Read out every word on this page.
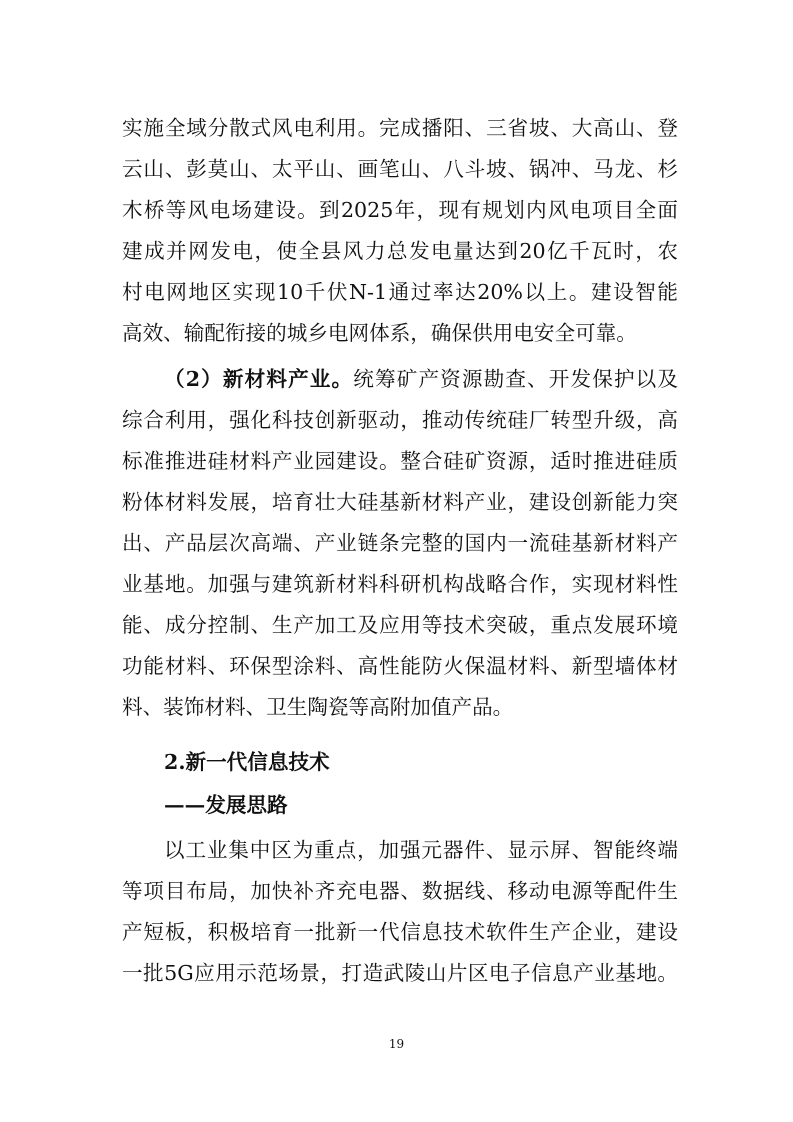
实施全域分散式风电利用。完成播阳、三省坡、大高山、登
云山、彭莫山、太平山、画笔山、八斗坡、锅冲、马龙、杉
木桥等风电场建设。到2025年，现有规划内风电项目全面
建成并网发电，使全县风力总发电量达到20亿千瓦时，农
村电网地区实现10千伏N-1通过率达20%以上。建设智能
高效、输配衔接的城乡电网体系，确保供用电安全可靠。
（2）新材料产业。统筹矿产资源勘查、开发保护以及
综合利用，强化科技创新驱动，推动传统硅厂转型升级，高
标准推进硅材料产业园建设。整合硅矿资源，适时推进硅质
粉体材料发展，培育壮大硅基新材料产业，建设创新能力突
出、产品层次高端、产业链条完整的国内一流硅基新材料产
业基地。加强与建筑新材料科研机构战略合作，实现材料性
能、成分控制、生产加工及应用等技术突破，重点发展环境
功能材料、环保型涂料、高性能防火保温材料、新型墙体材
料、装饰材料、卫生陶瓷等高附加值产品。
2.新一代信息技术
——发展思路
以工业集中区为重点，加强元器件、显示屏、智能终端
等项目布局，加快补齐充电器、数据线、移动电源等配件生
产短板，积极培育一批新一代信息技术软件生产企业，建设
一批5G应用示范场景，打造武陵山片区电子信息产业基地。
19
